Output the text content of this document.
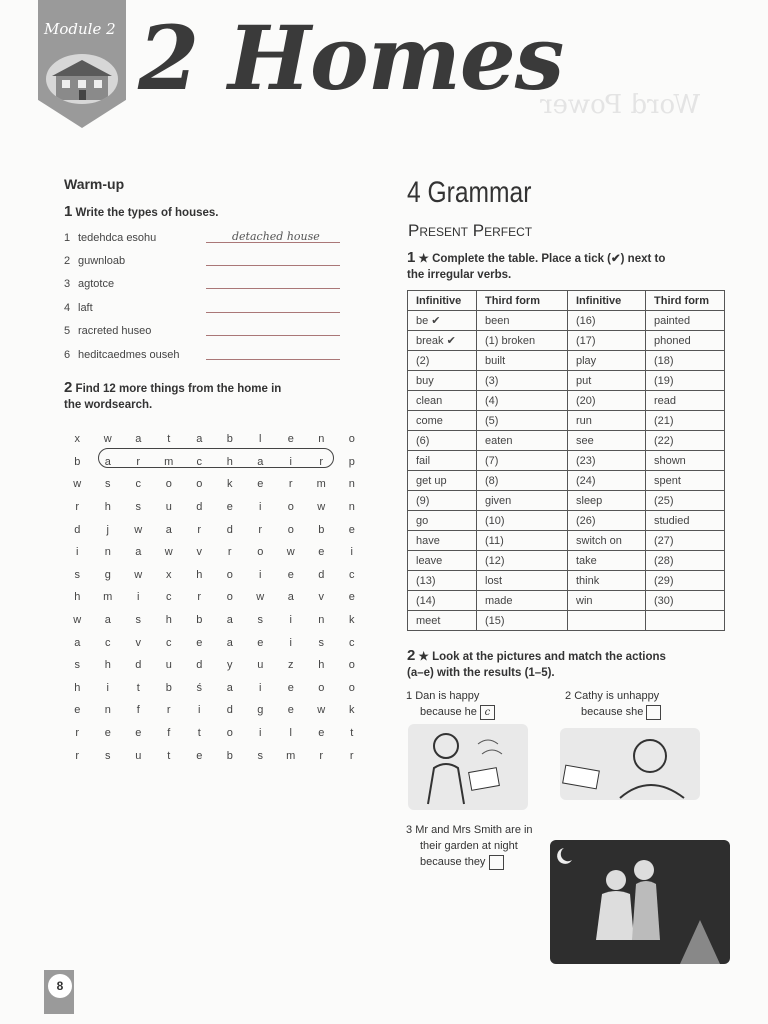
Module 2 2 Homes
Word Power
Warm-up
1 Write the types of houses.
1 tedehdca esohu	detached house
2 guwnloab
3 agtotce
4 laft
5 racreted huseo
6 heditcaedmes ouseh
2 Find 12 more things from the home in
the wordsearch.
x	w	a	t	a	b	l	e	n	o
b	a	r	m	c	h	a	i	r	p
w	s	c	o	o	k	e	r	m	n
r	h	s	u	d	e	i	o	w	n
d	j	w	a	r	d	r	o	b	e
i	n	a	w	v	r	o	w	e	i
s	g	w	x	h	o	i	e	d	c
h	m	i	c	r	o	w	a	v	e
w	a	s	h	b	a	s	i	n	k
a	c	v	c	e	a	e	i	s	c
s	h	d	u	d	y	u	z	h	o
h	i	t	b	ś	a	i	e	o	o
e	n	f	r	i	d	g	e	w	k
r	e	e	f	t	o	i	l	e	t
r	s	u	t	e	b	s	m	r	r
4 Grammar
Present Perfect
1 ★ Complete the table. Place a tick (✔) next to
the irregular verbs.
Infinitive	Third form	Infinitive	Third form
be ✔	been	(16)	painted
break ✔	(1) broken	(17)	phoned
(2)	built	play	(18)
buy	(3)	put	(19)
clean	(4)	(20)	read
come	(5)	run	(21)
(6)	eaten	see	(22)
fail	(7)	(23)	shown
get up	(8)	(24)	spent
(9)	given	sleep	(25)
go	(10)	(26)	studied
have	(11)	switch on	(27)
leave	(12)	take	(28)
(13)	lost	think	(29)
(14)	made	win	(30)
meet	(15)		
2 ★ Look at the pictures and match the actions
(a–e) with the results (1–5).
1 Dan is happy
because he c
2 Cathy is unhappy
because she
3 Mr and Mrs Smith are in
their garden at night
because they
8
